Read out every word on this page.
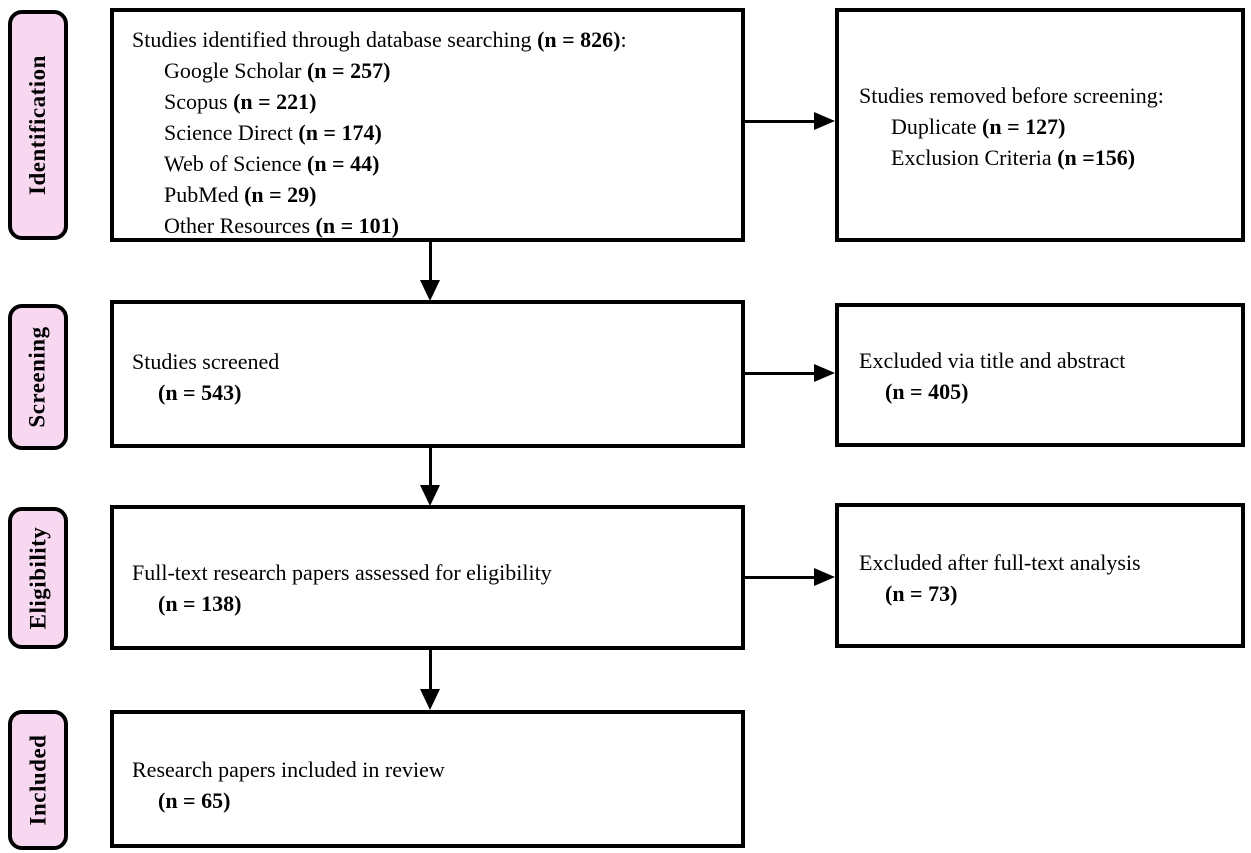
Identification
Screening
Eligibility
Included
Studies identified through database searching (n = 826):
Google Scholar (n = 257)
Scopus (n = 221)
Science Direct (n = 174)
Web of Science (n = 44)
PubMed (n = 29)
Other Resources (n = 101)
Studies screened
(n = 543)
Full-text research papers assessed for eligibility
(n = 138)
Research papers included in review
(n = 65)
Studies removed before screening:
Duplicate (n = 127)
Exclusion Criteria (n =156)
Excluded via title and abstract
(n = 405)
Excluded after full-text analysis
(n = 73)
